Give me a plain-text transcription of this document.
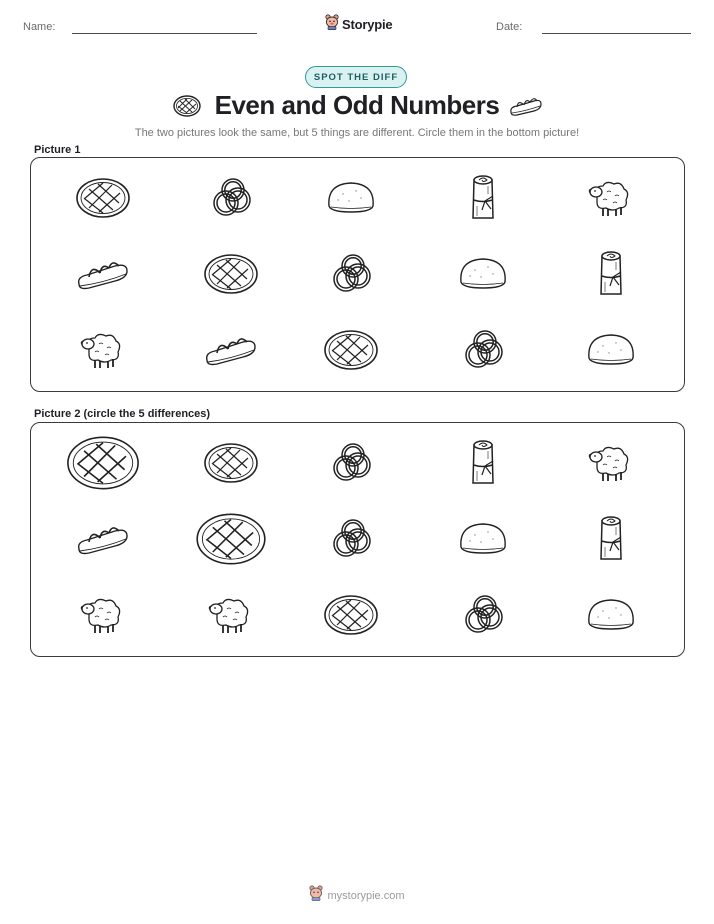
Name:	Storypie	Date:
SPOT THE DIFF
Even and Odd Numbers
The two pictures look the same, but 5 things are different. Circle them in the bottom picture!
Picture 1
Picture 2 (circle the 5 differences)
mystorypie.com
